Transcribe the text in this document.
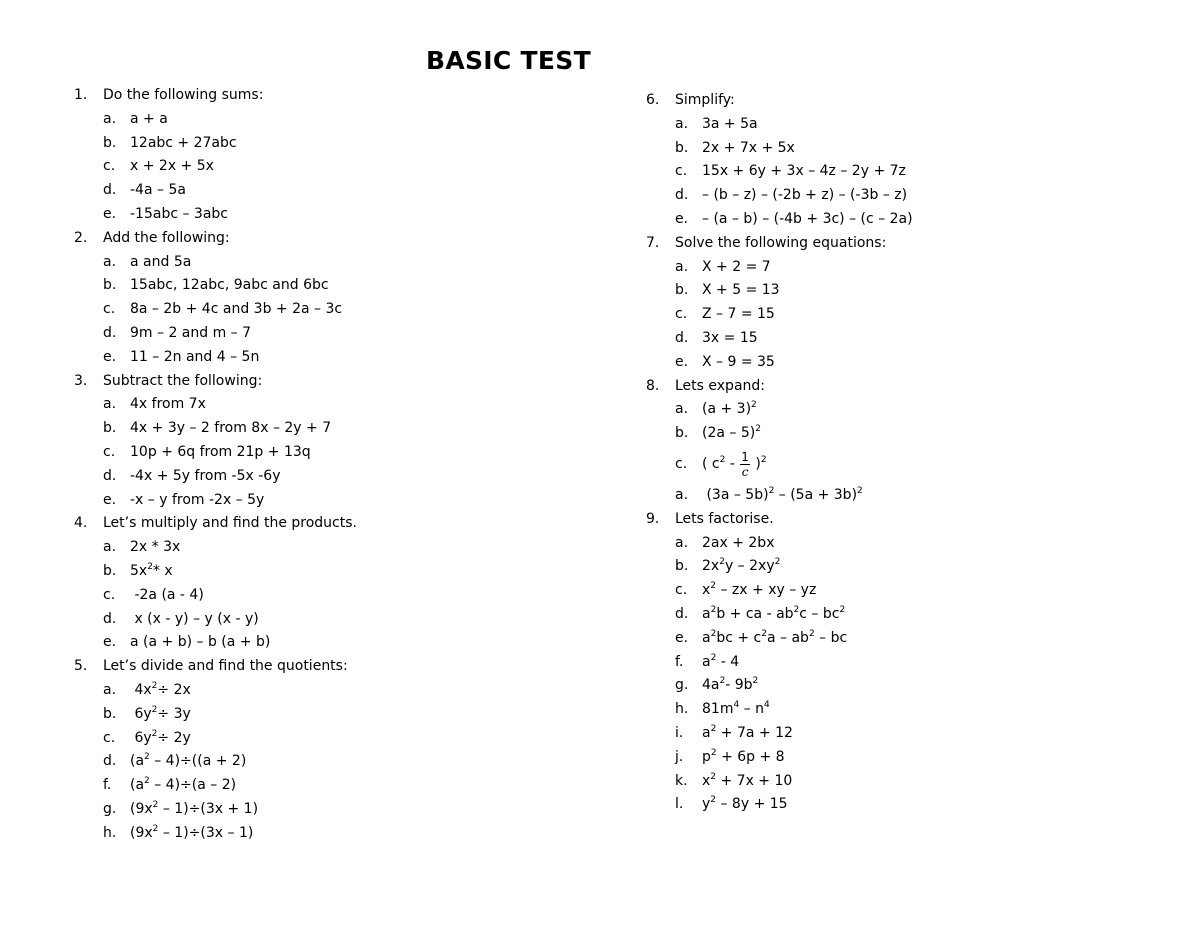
BASIC TEST
1.	Do the following sums:
a. a + a
b. 12abc + 27abc
c.	x + 2x + 5x
d. -4a – 5a
e. -15abc – 3abc
2.	Add the following:
a. a and 5a
b. 15abc, 12abc, 9abc and 6bc
c.	8a – 2b + 4c and 3b + 2a – 3c
d. 9m – 2 and m – 7
e. 11 – 2n and 4 – 5n
3.	Subtract the following:
a. 4x from 7x
b. 4x + 3y – 2 from 8x – 2y + 7
c.	10p + 6q from 21p + 13q
d. -4x + 5y from -5x -6y
e. -x – y from -2x – 5y
4.	Let’s multiply and find the products.
a. 2x * 3x
b. $5x^2*$ x
c.	-2a (a - 4)
d. x (x - y) – y (x - y)
e. a (a + b) – b (a + b)
5.	Let’s divide and find the quotients:
a. $4x^2\div 2x$
b. $6y^2\div 3y$
c.	$6y^2\div 2y$
d. $(a^2 - 4)\div((a + 2)$
f.	$(a^2 - 4)\div(a - 2)$
g. $(9x^2 - 1)\div(3x + 1)$
h. $(9x^2 - 1)\div(3x - 1)$
6.	Simplify:
a. 3a + 5a
b. 2x + 7x + 5x
c.	15x + 6y + 3x – 4z – 2y + 7z
d. – (b – z) – (-2b + z) – (-3b – z)
e. – (a – b) – (-4b + 3c) – (c – 2a)
7.	Solve the following equations:
a. X + 2 = 7
b. X + 5 = 13
c.	Z – 7 = 15
d. 3x = 15
e. X – 9 = 35
8.	Lets expand:
a. $(a + 3)^2$
b. (2a – 5)$^2$
c.	( $c^2 - \frac{1}{c} )^2$
a. $(3a - 5b)^2 - (5a + 3b)^2$
9.	Lets factorise.
a. 2ax + 2bx
b. $2x^2y - 2xy^2$
c.	$x^2$ – zx + xy – yz
d. $a^2b$ + ca - $ab^2c - bc^2$
e. $a^2bc + c^2a - ab^2$ – bc
f.	$a^2 - 4$
g. $4a^2-$ $9b^2$
h. $81m^4 - n^4$
i.	$a^2 + 7a + 12$
j.	$p^2 + 6p + 8$
k.	$x^2 + 7x + 10$
l.	$y^2 - 8y + 15$
